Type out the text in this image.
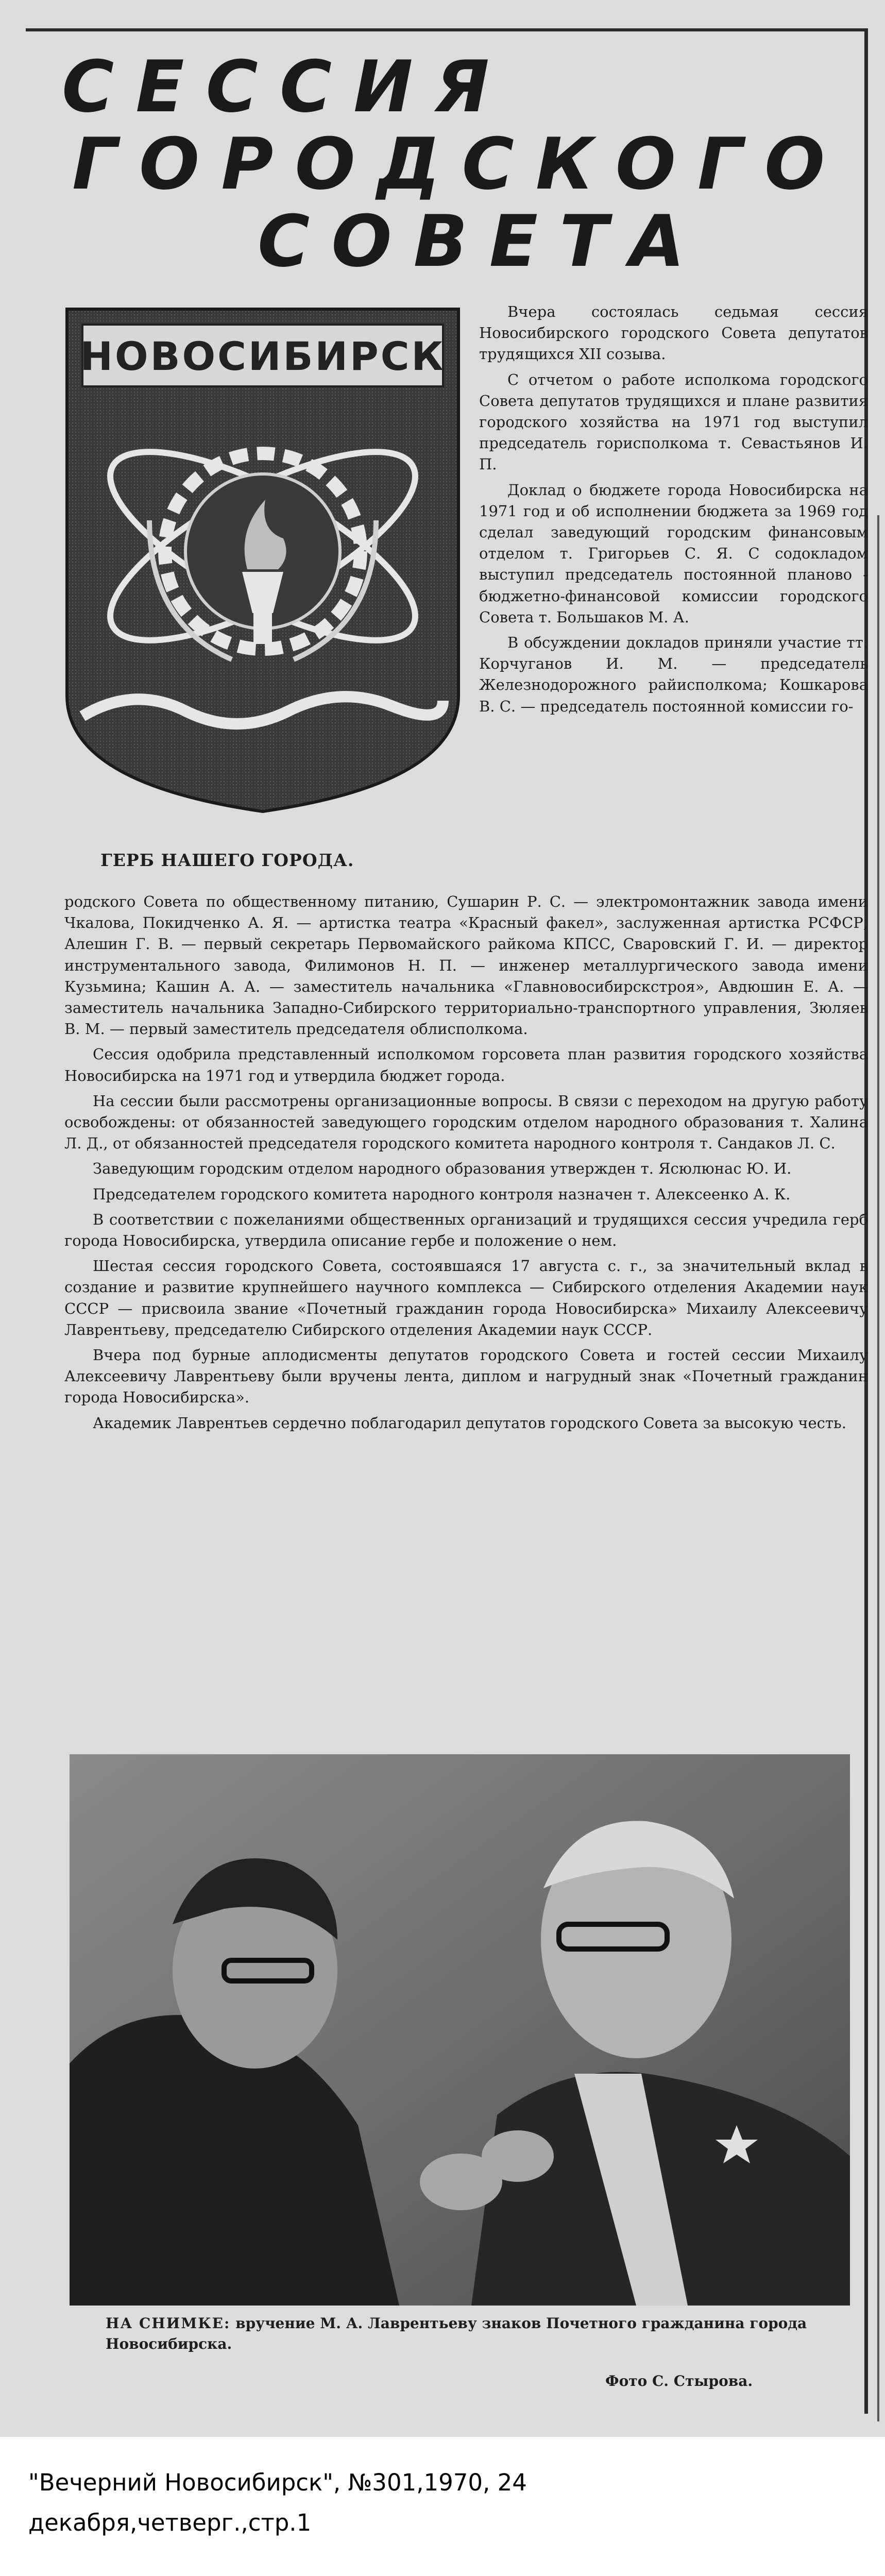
СЕССИЯ
ГОРОДСКОГО
СОВЕТА
НОВОСИБИРСК
ГЕРБ НАШЕГО ГОРОДА.

Вчера состоялась седьмая сессия Новосибирского городского Совета депутатов трудящихся XII созыва.

С отчетом о работе исполкома городского Совета депутатов трудящихся и плане развития городского хозяйства на 1971 год выступил председатель горисполкома т. Севастьянов И. П.

Доклад о бюджете города Новосибирска на 1971 год и об исполнении бюджета за 1969 год сделал заведующий городским финансовым отделом т. Григорьев С. Я. С содокладом выступил председатель постоянной планово - бюджетно-финансовой комиссии городского Совета т. Большаков М. А.

В обсуждении докладов приняли участие тт. Корчуганов И. М. — председатель Железнодорожного райисполкома; Кошкарова В. С. — председатель постоянной комиссии го-

родского Совета по общественному питанию, Сушарин Р. С. — электромонтажник завода имени Чкалова, Покидченко А. Я. — артистка театра «Красный факел», заслуженная артистка РСФСР, Алешин Г. В. — первый секретарь Первомайского райкома КПСС, Сваровский Г. И. — директор инструментального завода, Филимонов Н. П. — инженер металлургического завода имени Кузьмина; Кашин А. А. — заместитель начальника «Главновосибирскстроя», Авдюшин Е. А. — заместитель начальника Западно-Сибирского территориально-транспортного управления, Зюляев В. М. — первый заместитель председателя облисполкома.

Сессия одобрила представленный исполкомом горсовета план развития городского хозяйства Новосибирска на 1971 год и утвердила бюджет города.

На сессии были рассмотрены организационные вопросы. В связи с переходом на другую работу освобождены: от обязанностей заведующего городским отделом народного образования т. Халина Л. Д., от обязанностей председателя городского комитета народного контроля т. Сандаков Л. С.

Заведующим городским отделом народного образования утвержден т. Ясюлюнас Ю. И.

Председателем городского комитета народного контроля назначен т. Алексеенко А. К.

В соответствии с пожеланиями общественных организаций и трудящихся сессия учредила герб города Новосибирска, утвердила описание гербе и положение о нем.

Шестая сессия городского Совета, состоявшаяся 17 августа с. г., за значительный вклад в создание и развитие крупнейшего научного комплекса — Сибирского отделения Академии наук СССР — присвоила звание «Почетный гражданин города Новосибирска» Михаилу Алексеевичу Лаврентьеву, председателю Сибирского отделения Академии наук СССР.

Вчера под бурные аплодисменты депутатов городского Совета и гостей сессии Михаилу Алексеевичу Лаврентьеву были вручены лента, диплом и нагрудный знак «Почетный гражданин города Новосибирска».

Академик Лаврентьев сердечно поблагодарил депутатов городского Совета за высокую честь.

НА СНИМКЕ: вручение М. А. Лаврентьеву знаков Почетного гражданина города Новосибирска.
Фото С. Стырова.
"Вечерний Новосибирск", №301,1970, 24
декабря,четверг.,стр.1
